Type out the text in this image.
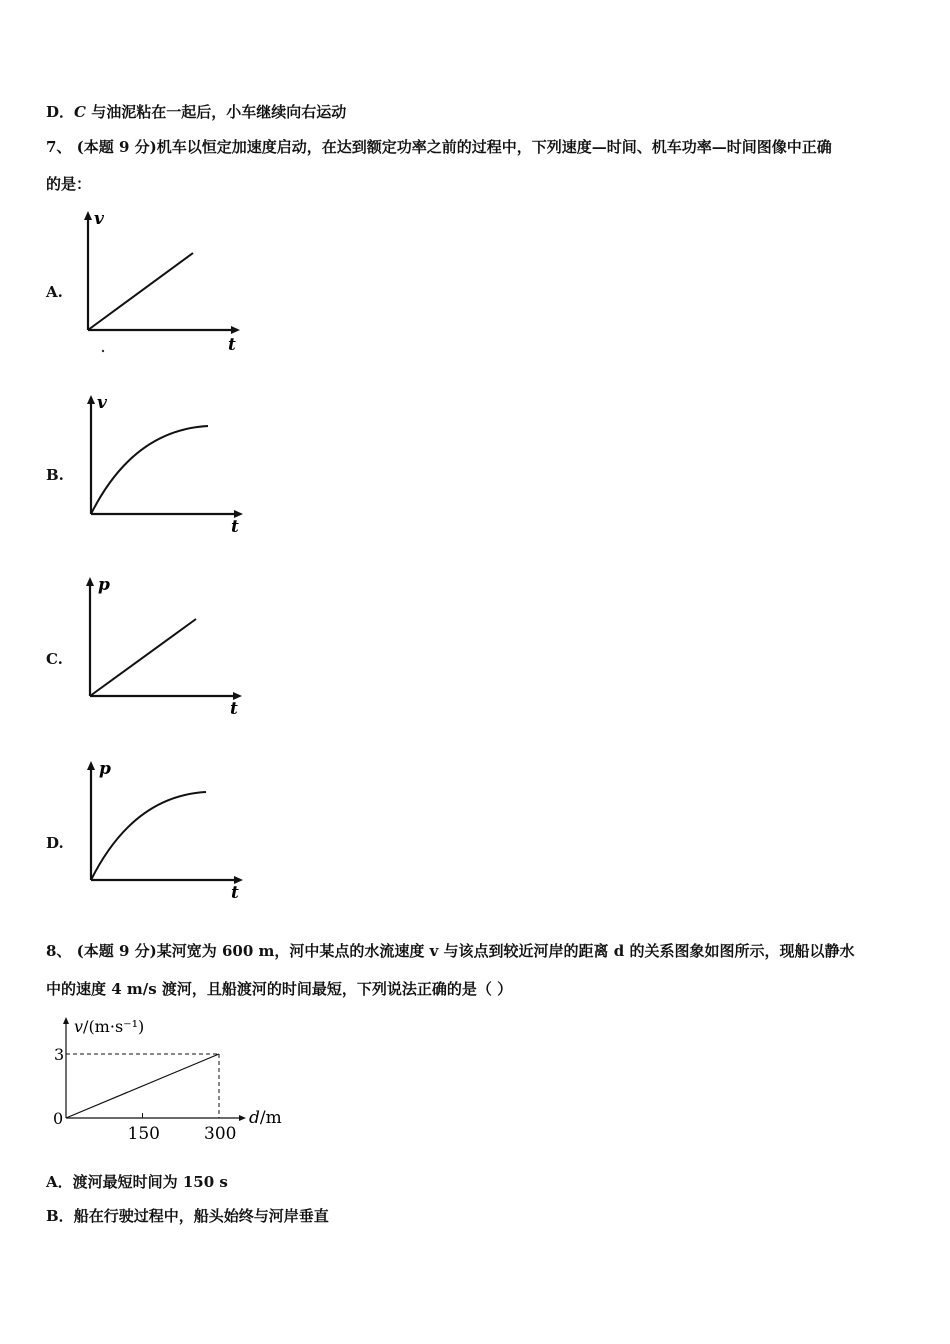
D．C 与油泥粘在一起后，小车继续向右运动
7、 (本题 9 分)机车以恒定加速度启动，在达到额定功率之前的过程中，下列速度—时间、机车功率—时间图像中正确
的是：
A.
v
t
B.
v
t
C.
p
t
D.
p
t
8、 (本题 9 分)某河宽为 600 m，河中某点的水流速度 v 与该点到较近河岸的距离 d 的关系图象如图所示，现船以静水
中的速度 4 m/s 渡河，且船渡河的时间最短，下列说法正确的是（ ）
v/(m·s⁻¹)
3
0
150	300
d/m
A．渡河最短时间为 150 s
B．船在行驶过程中，船头始终与河岸垂直
